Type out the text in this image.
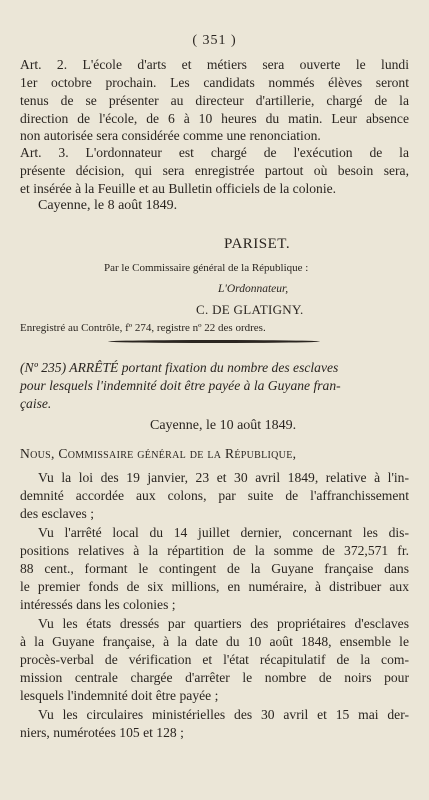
( 351 )

Art. 2. L'école d'arts et métiers sera ouverte le lundi

1er octobre prochain. Les candidats nommés élèves seront

tenus de se présenter au directeur d'artillerie, chargé de la

direction de l'école, de 6 à 10 heures du matin. Leur absence

non autorisée sera considérée comme une renonciation.

Art. 3. L'ordonnateur est chargé de l'exécution de la

présente décision, qui sera enregistrée partout où besoin sera,

et insérée à la Feuille et au Bulletin officiels de la colonie.

Cayenne, le 8 août 1849.

PARISET.

Par le Commissaire général de la République :

L'Ordonnateur,

C. DE GLATIGNY.

Enregistré au Contrôle, fº 274, registre nº 22 des ordres.

(Nº 235) ARRÊTÉ portant fixation du nombre des esclaves

pour lesquels l'indemnité doit être payée à la Guyane fran-

çaise.

Cayenne, le 10 août 1849.

Nous, Commissaire général de la République,

Vu la loi des 19 janvier, 23 et 30 avril 1849, relative à l'in-

demnité accordée aux colons, par suite de l'affranchissement

des esclaves ;

Vu l'arrêté local du 14 juillet dernier, concernant les dis-

positions relatives à la répartition de la somme de 372,571 fr.

88 cent., formant le contingent de la Guyane française dans

le premier fonds de six millions, en numéraire, à distribuer aux

intéressés dans les colonies ;

Vu les états dressés par quartiers des propriétaires d'esclaves

à la Guyane française, à la date du 10 août 1848, ensemble le

procès-verbal de vérification et l'état récapitulatif de la com-

mission centrale chargée d'arrêter le nombre de noirs pour

lesquels l'indemnité doit être payée ;

Vu les circulaires ministérielles des 30 avril et 15 mai der-

niers, numérotées 105 et 128 ;
